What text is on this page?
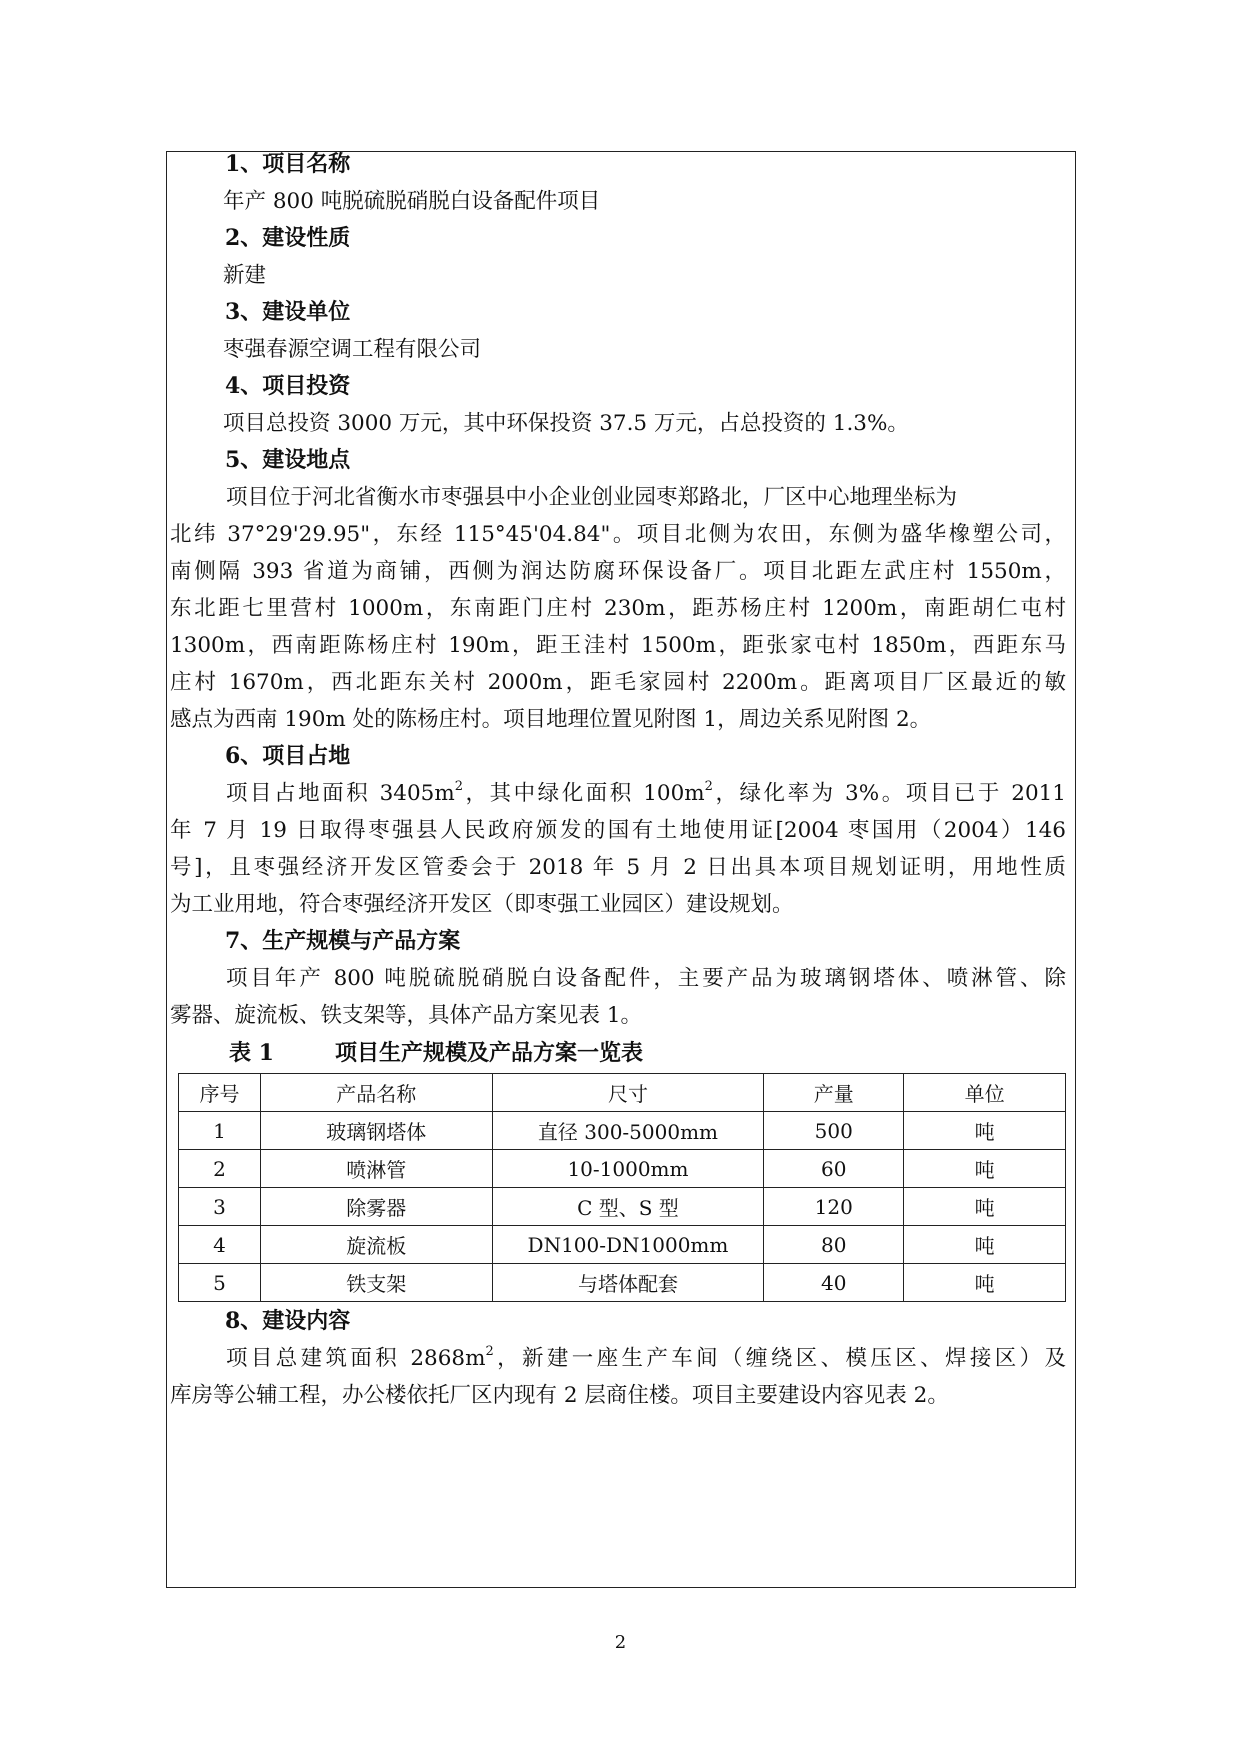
1、项目名称
年产 800 吨脱硫脱硝脱白设备配件项目
2、建设性质
新建
3、建设单位
枣强春源空调工程有限公司
4、项目投资
项目总投资 3000 万元，其中环保投资 37.5 万元，占总投资的 1.3%。
5、建设地点
项目位于河北省衡水市枣强县中小企业创业园枣郑路北，厂区中心地理坐标为
北纬 37°29'29.95"，东经 115°45'04.84"。项目北侧为农田，东侧为盛华橡塑公司，
南侧隔 393 省道为商铺，西侧为润达防腐环保设备厂。项目北距左武庄村 1550m，
东北距七里营村 1000m，东南距门庄村 230m，距苏杨庄村 1200m，南距胡仁屯村
1300m，西南距陈杨庄村 190m，距王洼村 1500m，距张家屯村 1850m，西距东马
庄村 1670m，西北距东关村 2000m，距毛家园村 2200m。距离项目厂区最近的敏
感点为西南 190m 处的陈杨庄村。项目地理位置见附图 1，周边关系见附图 2。
6、项目占地
项目占地面积 $3405m^2$，其中绿化面积 $100m^2$，绿化率为 3%。项目已于 2011
年 7 月 19 日取得枣强县人民政府颁发的国有土地使用证[2004 枣国用（2004）146
号]，且枣强经济开发区管委会于 2018 年 5 月 2 日出具本项目规划证明，用地性质
为工业用地，符合枣强经济开发区（即枣强工业园区）建设规划。
7、生产规模与产品方案
项目年产 800 吨脱硫脱硝脱白设备配件，主要产品为玻璃钢塔体、喷淋管、除
雾器、旋流板、铁支架等，具体产品方案见表 1。
表 1	项目生产规模及产品方案一览表
序号	产品名称	尺寸	产量	单位
1	玻璃钢塔体	直径 300-5000mm	500	吨
2	喷淋管	10-1000mm	60	吨
3	除雾器	C 型、S 型	120	吨
4	旋流板	DN100-DN1000mm	80	吨
5	铁支架	与塔体配套	40	吨
8、建设内容
项目总建筑面积 $2868m^2$，新建一座生产车间（缠绕区、模压区、焊接区）及
库房等公辅工程，办公楼依托厂区内现有 2 层商住楼。项目主要建设内容见表 2。
2
